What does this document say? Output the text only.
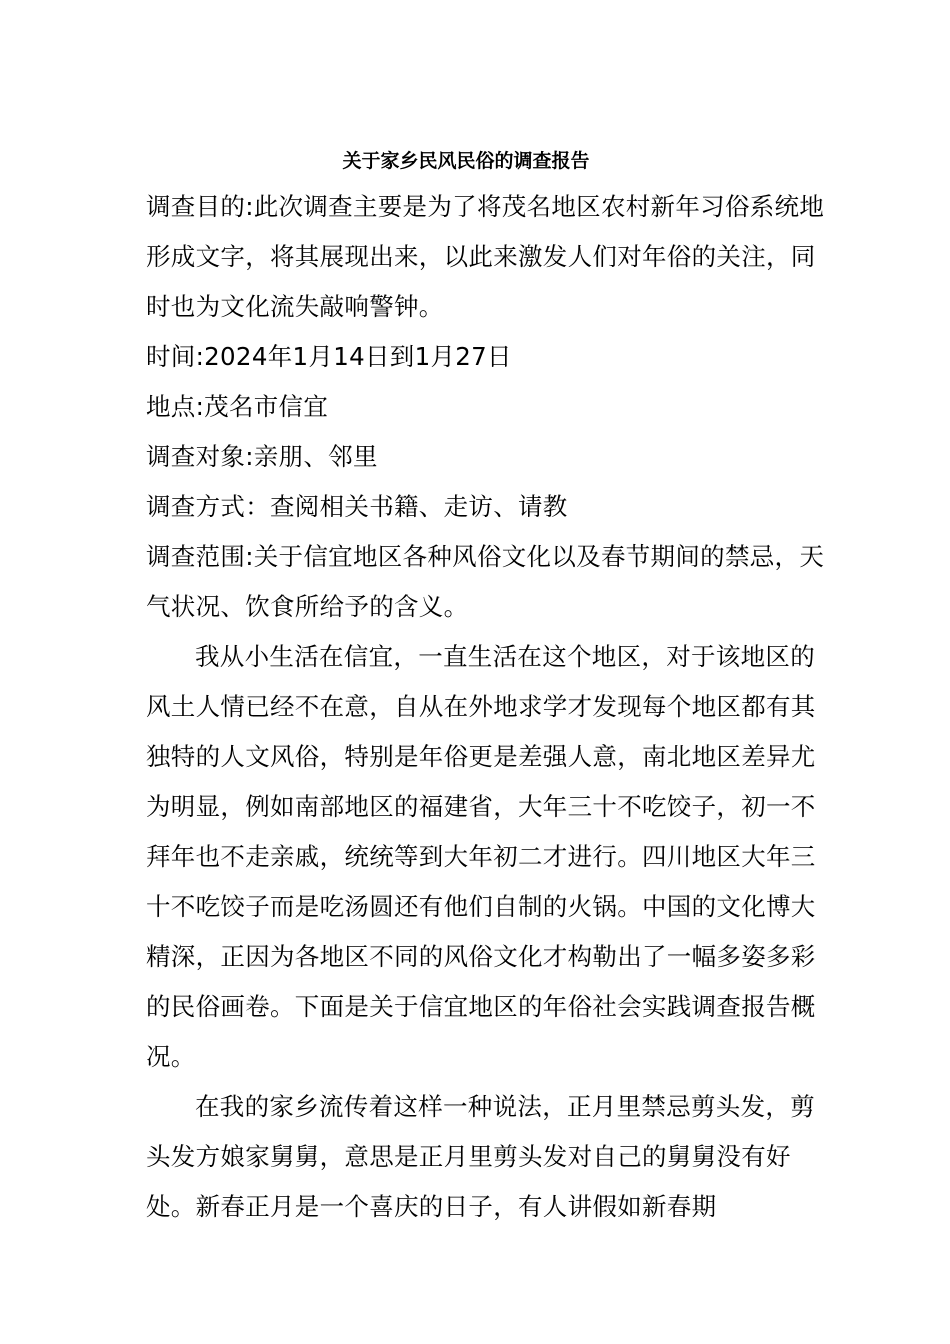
关于家乡民风民俗的调查报告

调查目的:此次调查主要是为了将茂名地区农村新年习俗系统地形成文字，将其展现出来，以此来激发人们对年俗的关注，同时也为文化流失敲响警钟。

时间:2024年1月14日到1月27日

地点:茂名市信宜

调查对象:亲朋、邻里

调查方式：查阅相关书籍、走访、请教

调查范围:关于信宜地区各种风俗文化以及春节期间的禁忌，天气状况、饮食所给予的含义。

我从小生活在信宜，一直生活在这个地区，对于该地区的风土人情已经不在意，自从在外地求学才发现每个地区都有其独特的人文风俗，特别是年俗更是差强人意，南北地区差异尤为明显，例如南部地区的福建省，大年三十不吃饺子，初一不拜年也不走亲戚，统统等到大年初二才进行。四川地区大年三十不吃饺子而是吃汤圆还有他们自制的火锅。中国的文化博大精深，正因为各地区不同的风俗文化才构勒出了一幅多姿多彩的民俗画卷。下面是关于信宜地区的年俗社会实践调查报告概况。

在我的家乡流传着这样一种说法，正月里禁忌剪头发，剪头发方娘家舅舅，意思是正月里剪头发对自己的舅舅没有好处。新春正月是一个喜庆的日子，有人讲假如新春期
